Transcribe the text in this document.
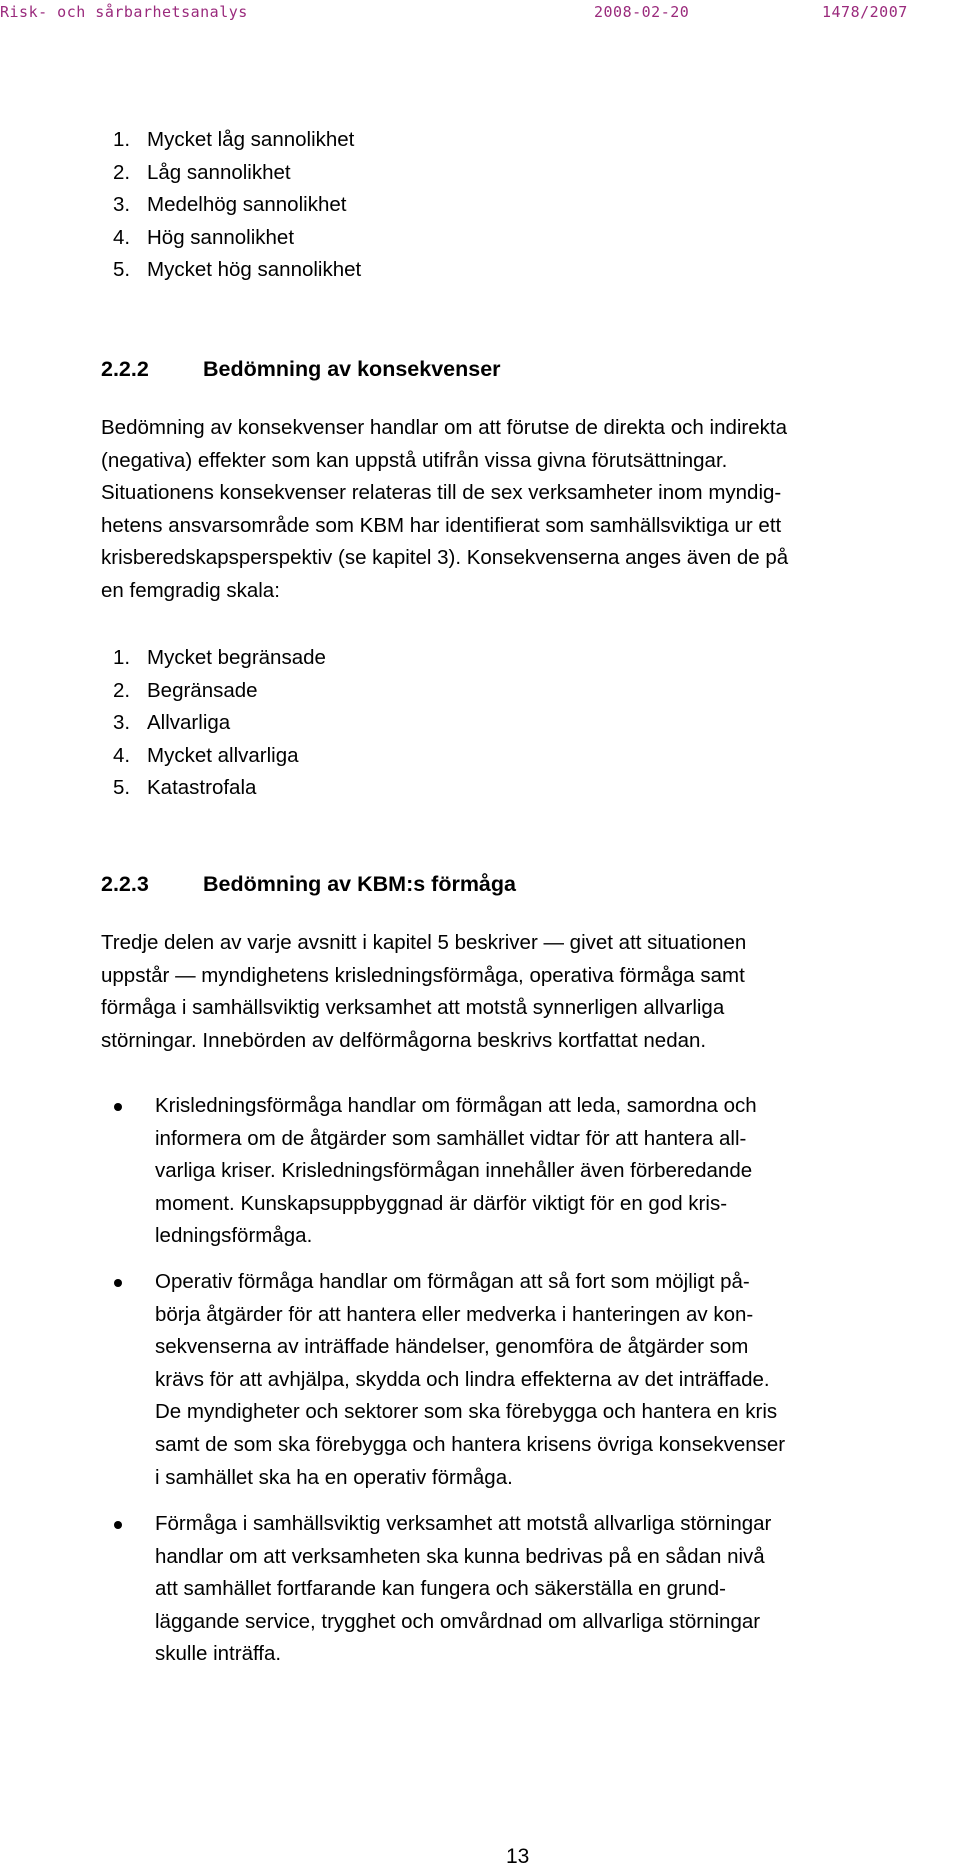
Risk- och sårbarhetsanalys	2008-02-20	1478/2007
1. Mycket låg sannolikhet
2. Låg sannolikhet
3. Medelhög sannolikhet
4. Hög sannolikhet
5. Mycket hög sannolikhet
2.2.2	Bedömning av konsekvenser
Bedömning av konsekvenser handlar om att förutse de direkta och indirekta
(negativa) effekter som kan uppstå utifrån vissa givna förutsättningar.
Situationens konsekvenser relateras till de sex verksamheter inom myndig-
hetens ansvarsområde som KBM har identifierat som samhällsviktiga ur ett
krisberedskapsperspektiv (se kapitel 3). Konsekvenserna anges även de på
en femgradig skala:
1. Mycket begränsade
2. Begränsade
3. Allvarliga
4. Mycket allvarliga
5. Katastrofala
2.2.3	Bedömning av KBM:s förmåga
Tredje delen av varje avsnitt i kapitel 5 beskriver — givet att situationen
uppstår — myndighetens krisledningsförmåga, operativa förmåga samt
förmåga i samhällsviktig verksamhet att motstå synnerligen allvarliga
störningar. Innebörden av delförmågorna beskrivs kortfattat nedan.
Krisledningsförmåga handlar om förmågan att leda, samordna och
informera om de åtgärder som samhället vidtar för att hantera all-
varliga kriser. Krisledningsförmågan innehåller även förberedande
moment. Kunskapsuppbyggnad är därför viktigt för en god kris-
ledningsförmåga.
Operativ förmåga handlar om förmågan att så fort som möjligt på-
börja åtgärder för att hantera eller medverka i hanteringen av kon-
sekvenserna av inträffade händelser, genomföra de åtgärder som
krävs för att avhjälpa, skydda och lindra effekterna av det inträffade.
De myndigheter och sektorer som ska förebygga och hantera en kris
samt de som ska förebygga och hantera krisens övriga konsekvenser
i samhället ska ha en operativ förmåga.
Förmåga i samhällsviktig verksamhet att motstå allvarliga störningar
handlar om att verksamheten ska kunna bedrivas på en sådan nivå
att samhället fortfarande kan fungera och säkerställa en grund-
läggande service, trygghet och omvårdnad om allvarliga störningar
skulle inträffa.
13
